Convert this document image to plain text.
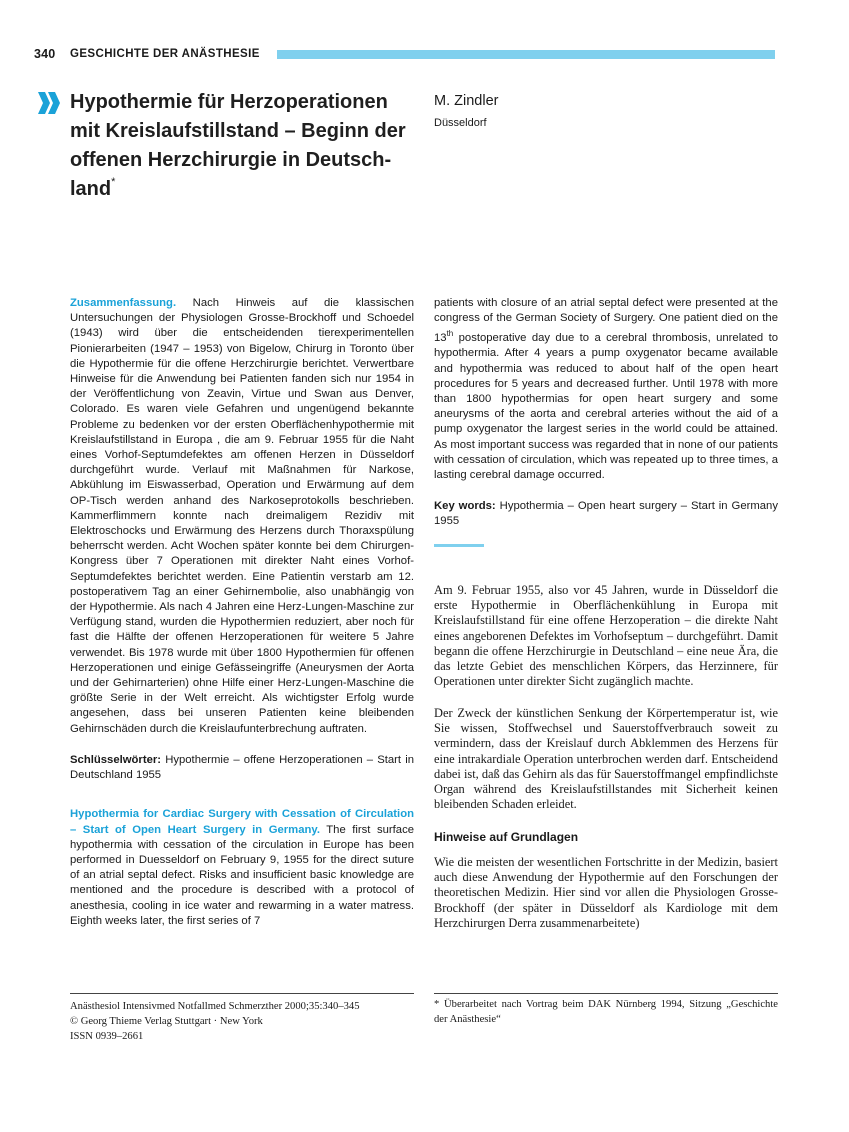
340 GESCHICHTE DER ANÄSTHESIE
Hypothermie für Herzoperationen mit Kreislaufstillstand – Beginn der offenen Herzchirurgie in Deutsch-land*
M. Zindler
Düsseldorf

Zusammenfassung. Nach Hinweis auf die klassischen Untersuchungen der Physiologen Grosse-Brockhoff und Schoedel (1943) wird über die entscheidenden tierexperimentellen Pionierarbeiten (1947 – 1953) von Bigelow, Chirurg in Toronto über die Hypothermie für die offene Herzchirurgie berichtet. Verwertbare Hinweise für die Anwendung bei Patienten fanden sich nur 1954 in der Veröffentlichung von Zeavin, Virtue und Swan aus Denver, Colorado. Es waren viele Gefahren und ungenügend bekannte Probleme zu bedenken vor der ersten Oberflächenhypothermie mit Kreislaufstillstand in Europa , die am 9. Februar 1955 für die Naht eines Vorhof-Septumdefektes am offenen Herzen in Düsseldorf durchgeführt wurde. Verlauf mit Maßnahmen für Narkose, Abkühlung im Eiswasserbad, Operation und Erwärmung auf dem OP-Tisch werden anhand des Narkoseprotokolls beschrieben. Kammerflimmern konnte nach dreimaligem Rezidiv mit Elektroschocks und Erwärmung des Herzens durch Thoraxspülung beherrscht werden. Acht Wochen später konnte bei dem Chirurgen-Kongress über 7 Operationen mit direkter Naht eines Vorhof-Septumdefektes berichtet werden. Eine Patientin verstarb am 12. postoperativem Tag an einer Gehirnembolie, also unabhängig von der Hypothermie. Als nach 4 Jahren eine Herz-Lungen-Maschine zur Verfügung stand, wurden die Hypothermien reduziert, aber noch für fast die Hälfte der offenen Herzoperationen für weitere 5 Jahre verwendet. Bis 1978 wurde mit über 1800 Hypothermien für offenen Herzoperationen und einige Gefässeingriffe (Aneurysmen der Aorta und der Gehirnarterien) ohne Hilfe einer Herz-Lungen-Maschine die größte Serie in der Welt erreicht. Als wichtigster Erfolg wurde angesehen, dass bei unseren Patienten keine bleibenden Gehirnschäden durch die Kreislaufunterbrechung auftraten.

Schlüsselwörter: Hypothermie – offene Herzoperationen – Start in Deutschland 1955

Hypothermia for Cardiac Surgery with Cessation of Circulation – Start of Open Heart Surgery in Germany. The first surface hypothermia with cessation of the circulation in Europe has been performed in Duesseldorf on February 9, 1955 for the direct suture of an atrial septal defect. Risks and insufficient basic knowledge are mentioned and the procedure is described with a protocol of anesthesia, cooling in ice water and rewarming in a water matress. Eighth weeks later, the first series of 7

patients with closure of an atrial septal defect were presented at the congress of the German Society of Surgery. One patient died on the 13th postoperative day due to a cerebral thrombosis, unrelated to hypothermia. After 4 years a pump oxygenator became available and hypothermia was reduced to about half of the open heart procedures for 5 years and decreased further. Until 1978 with more than 1800 hypothermias for open heart surgery and some aneurysms of the aorta and cerebral arteries without the aid of a pump oxygenator the largest series in the world could be attained. As most important success was regarded that in none of our patients with cessation of circulation, which was repeated up to three times, a lasting cerebral damage occurred.

Key words: Hypothermia – Open heart surgery – Start in Germany 1955

Am 9. Februar 1955, also vor 45 Jahren, wurde in Düsseldorf die erste Hypothermie in Oberflächenkühlung in Europa mit Kreislaufstillstand für eine offene Herzoperation – die direkte Naht eines angeborenen Defektes im Vorhofseptum – durchgeführt. Damit begann die offene Herzchirurgie in Deutschland – eine neue Ära, die das letzte Gebiet des menschlichen Körpers, das Herzinnere, für Operationen unter direkter Sicht zugänglich machte.

Der Zweck der künstlichen Senkung der Körpertemperatur ist, wie Sie wissen, Stoffwechsel und Sauerstoffverbrauch soweit zu vermindern, dass der Kreislauf durch Abklemmen des Herzens für eine intrakardiale Operation unterbrochen werden darf. Entscheidend dabei ist, daß das Gehirn als das für Sauerstoffmangel empfindlichste Organ während des Kreislaufstillstandes mit Sicherheit keinen bleibenden Schaden erleidet.

Hinweise auf Grundlagen

Wie die meisten der wesentlichen Fortschritte in der Medizin, basiert auch diese Anwendung der Hypothermie auf den Forschungen der theoretischen Medizin. Hier sind vor allen die Physiologen Grosse-Brockhoff (der später in Düsseldorf als Kardiologe mit dem Herzchirurgen Derra zusammenarbeitete)

Anästhesiol Intensivmed Notfallmed Schmerzther 2000;35:340–345
© Georg Thieme Verlag Stuttgart · New York
ISSN 0939–2661
* Überarbeitet nach Vortrag beim DAK Nürnberg 1994, Sitzung „Geschichte der Anästhesie“
